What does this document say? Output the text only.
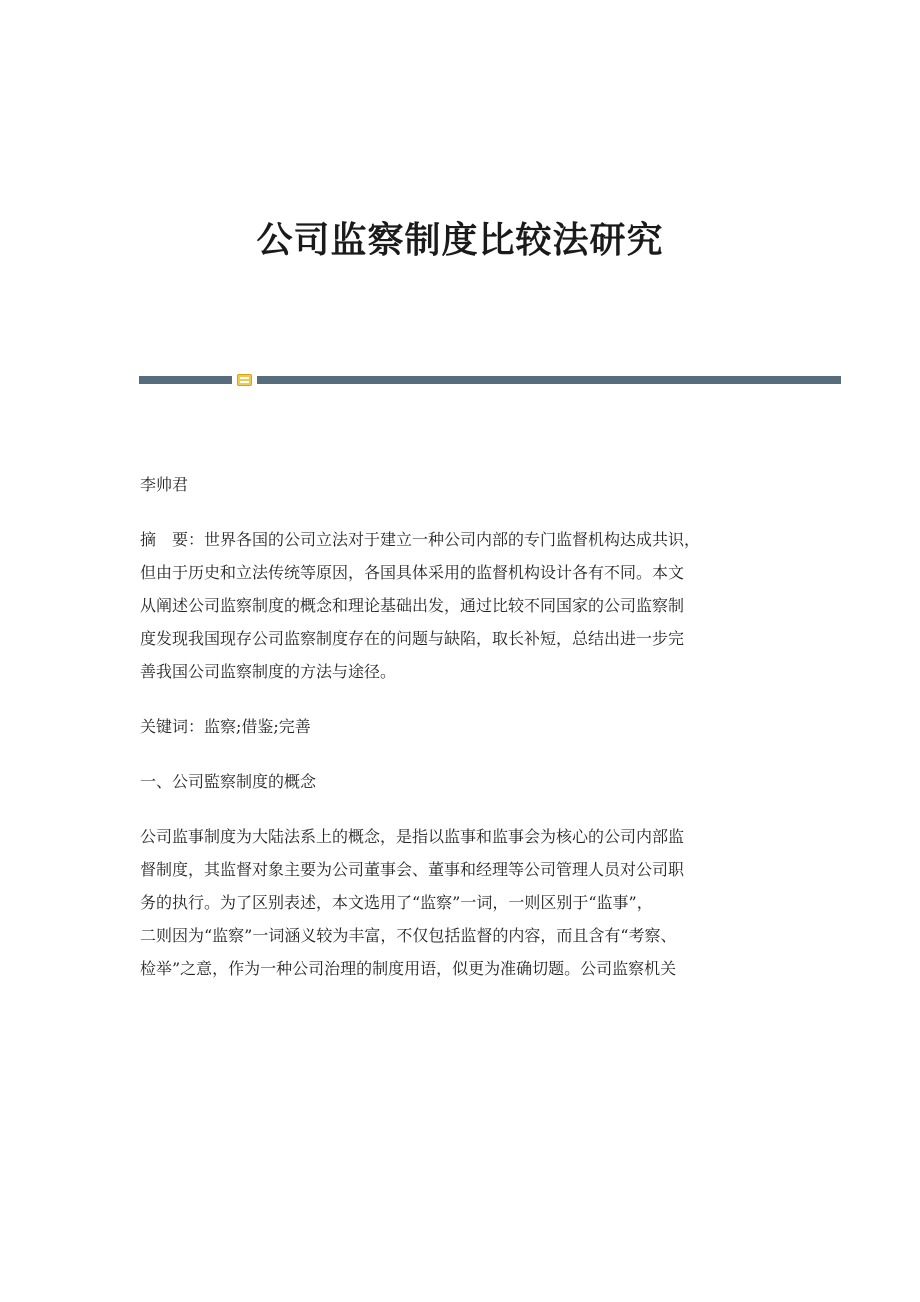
公司监察制度比较法研究

李帅君

摘　要：世界各国的公司立法对于建立一种公司内部的专门监督机构达成共识，
但由于历史和立法传统等原因，各国具体采用的监督机构设计各有不同。本文
从阐述公司监察制度的概念和理论基础出发，通过比较不同国家的公司监察制
度发现我国现存公司监察制度存在的问题与缺陷，取长补短，总结出进一步完
善我国公司监察制度的方法与途径。

关键词：监察;借鉴;完善

一、公司監察制度的概念

公司监事制度为大陆法系上的概念，是指以监事和监事会为核心的公司内部监
督制度，其监督对象主要为公司董事会、董事和经理等公司管理人员对公司职
务的执行。为了区别表述，本文选用了“监察”一词，一则区别于“监事”，
二则因为“监察”一词涵义较为丰富，不仅包括监督的内容，而且含有“考察、
检举”之意，作为一种公司治理的制度用语，似更为准确切题。公司监察机关
